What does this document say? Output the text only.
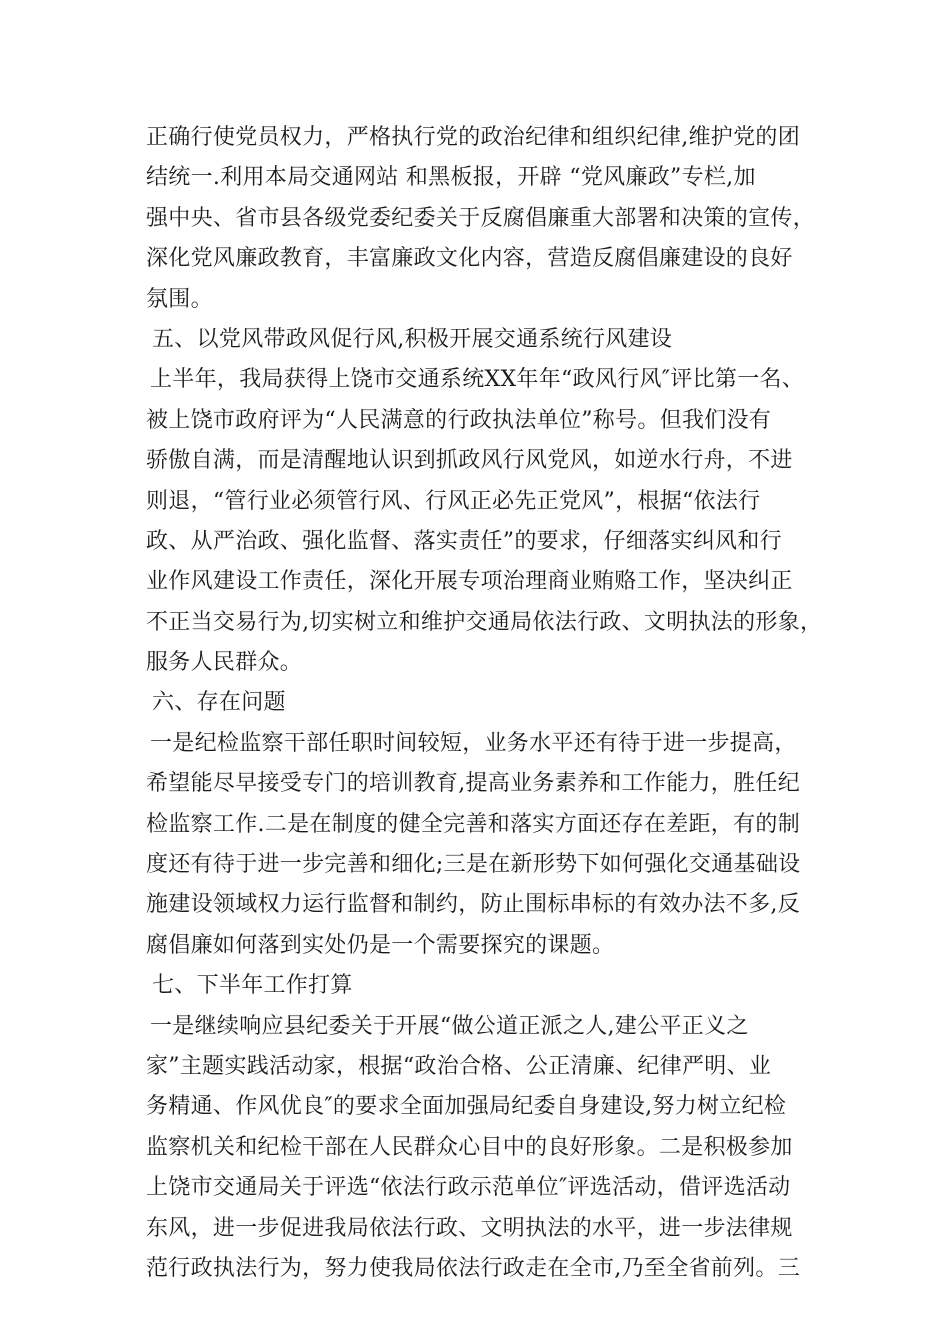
正确行使党员权力，严格执行党的政治纪律和组织纪律,维护党的团
结统一.利用本局交通网站 和黑板报，开辟 “党风廉政”专栏,加
强中央、省市县各级党委纪委关于反腐倡廉重大部署和决策的宣传，
深化党风廉政教育，丰富廉政文化内容，营造反腐倡廉建设的良好
氛围。
五、以党风带政风促行风,积极开展交通系统行风建设
上半年，我局获得上饶市交通系统XX年年“政风行风″评比第一名、
被上饶市政府评为“人民满意的行政执法单位”称号。但我们没有
骄傲自满，而是清醒地认识到抓政风行风党风，如逆水行舟，不进
则退，“管行业必须管行风、行风正必先正党风”，根据“依法行
政、从严治政、强化监督、落实责任”的要求，仔细落实纠风和行
业作风建设工作责任，深化开展专项治理商业贿赂工作，坚决纠正
不正当交易行为,切实树立和维护交通局依法行政、文明执法的形象，
服务人民群众。
六、存在问题
一是纪检监察干部任职时间较短，业务水平还有待于进一步提高，
希望能尽早接受专门的培训教育,提高业务素养和工作能力，胜任纪
检监察工作.二是在制度的健全完善和落实方面还存在差距，有的制
度还有待于进一步完善和细化;三是在新形势下如何强化交通基础设
施建设领域权力运行监督和制约，防止围标串标的有效办法不多,反
腐倡廉如何落到实处仍是一个需要探究的课题。
七、下半年工作打算
一是继续响应县纪委关于开展“做公道正派之人,建公平正义之
家”主题实践活动家，根据“政治合格、公正清廉、纪律严明、业
务精通、作风优良″的要求全面加强局纪委自身建设,努力树立纪检
监察机关和纪检干部在人民群众心目中的良好形象。二是积极参加
上饶市交通局关于评选“依法行政示范单位″评选活动，借评选活动
东风，进一步促进我局依法行政、文明执法的水平，进一步法律规
范行政执法行为，努力使我局依法行政走在全市,乃至全省前列。三
